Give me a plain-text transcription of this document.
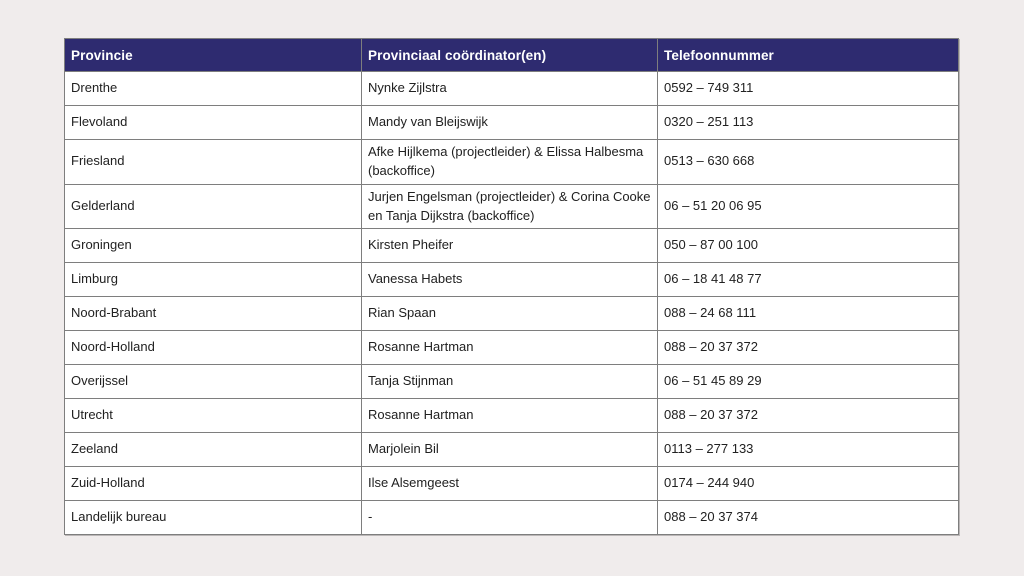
Provincie	Provinciaal coördinator(en)	Telefoonnummer
Drenthe	Nynke Zijlstra	0592 – 749 311
Flevoland	Mandy van Bleijswijk	0320 – 251 113
Friesland	Afke Hijlkema (projectleider) & Elissa Halbesma (backoffice)	0513 – 630 668
Gelderland	Jurjen Engelsman (projectleider) & Corina Cooke en Tanja Dijkstra (backoffice)	06 – 51 20 06 95
Groningen	Kirsten Pheifer	050 – 87 00 100
Limburg	Vanessa Habets	06 – 18 41 48 77
Noord-Brabant	Rian Spaan	088 – 24 68 111
Noord-Holland	Rosanne Hartman	088 – 20 37 372
Overijssel	Tanja Stijnman	06 – 51 45 89 29
Utrecht	Rosanne Hartman	088 – 20 37 372
Zeeland	Marjolein Bil	0113 – 277 133
Zuid-Holland	Ilse Alsemgeest	0174 – 244 940
Landelijk bureau	-	088 – 20 37 374
